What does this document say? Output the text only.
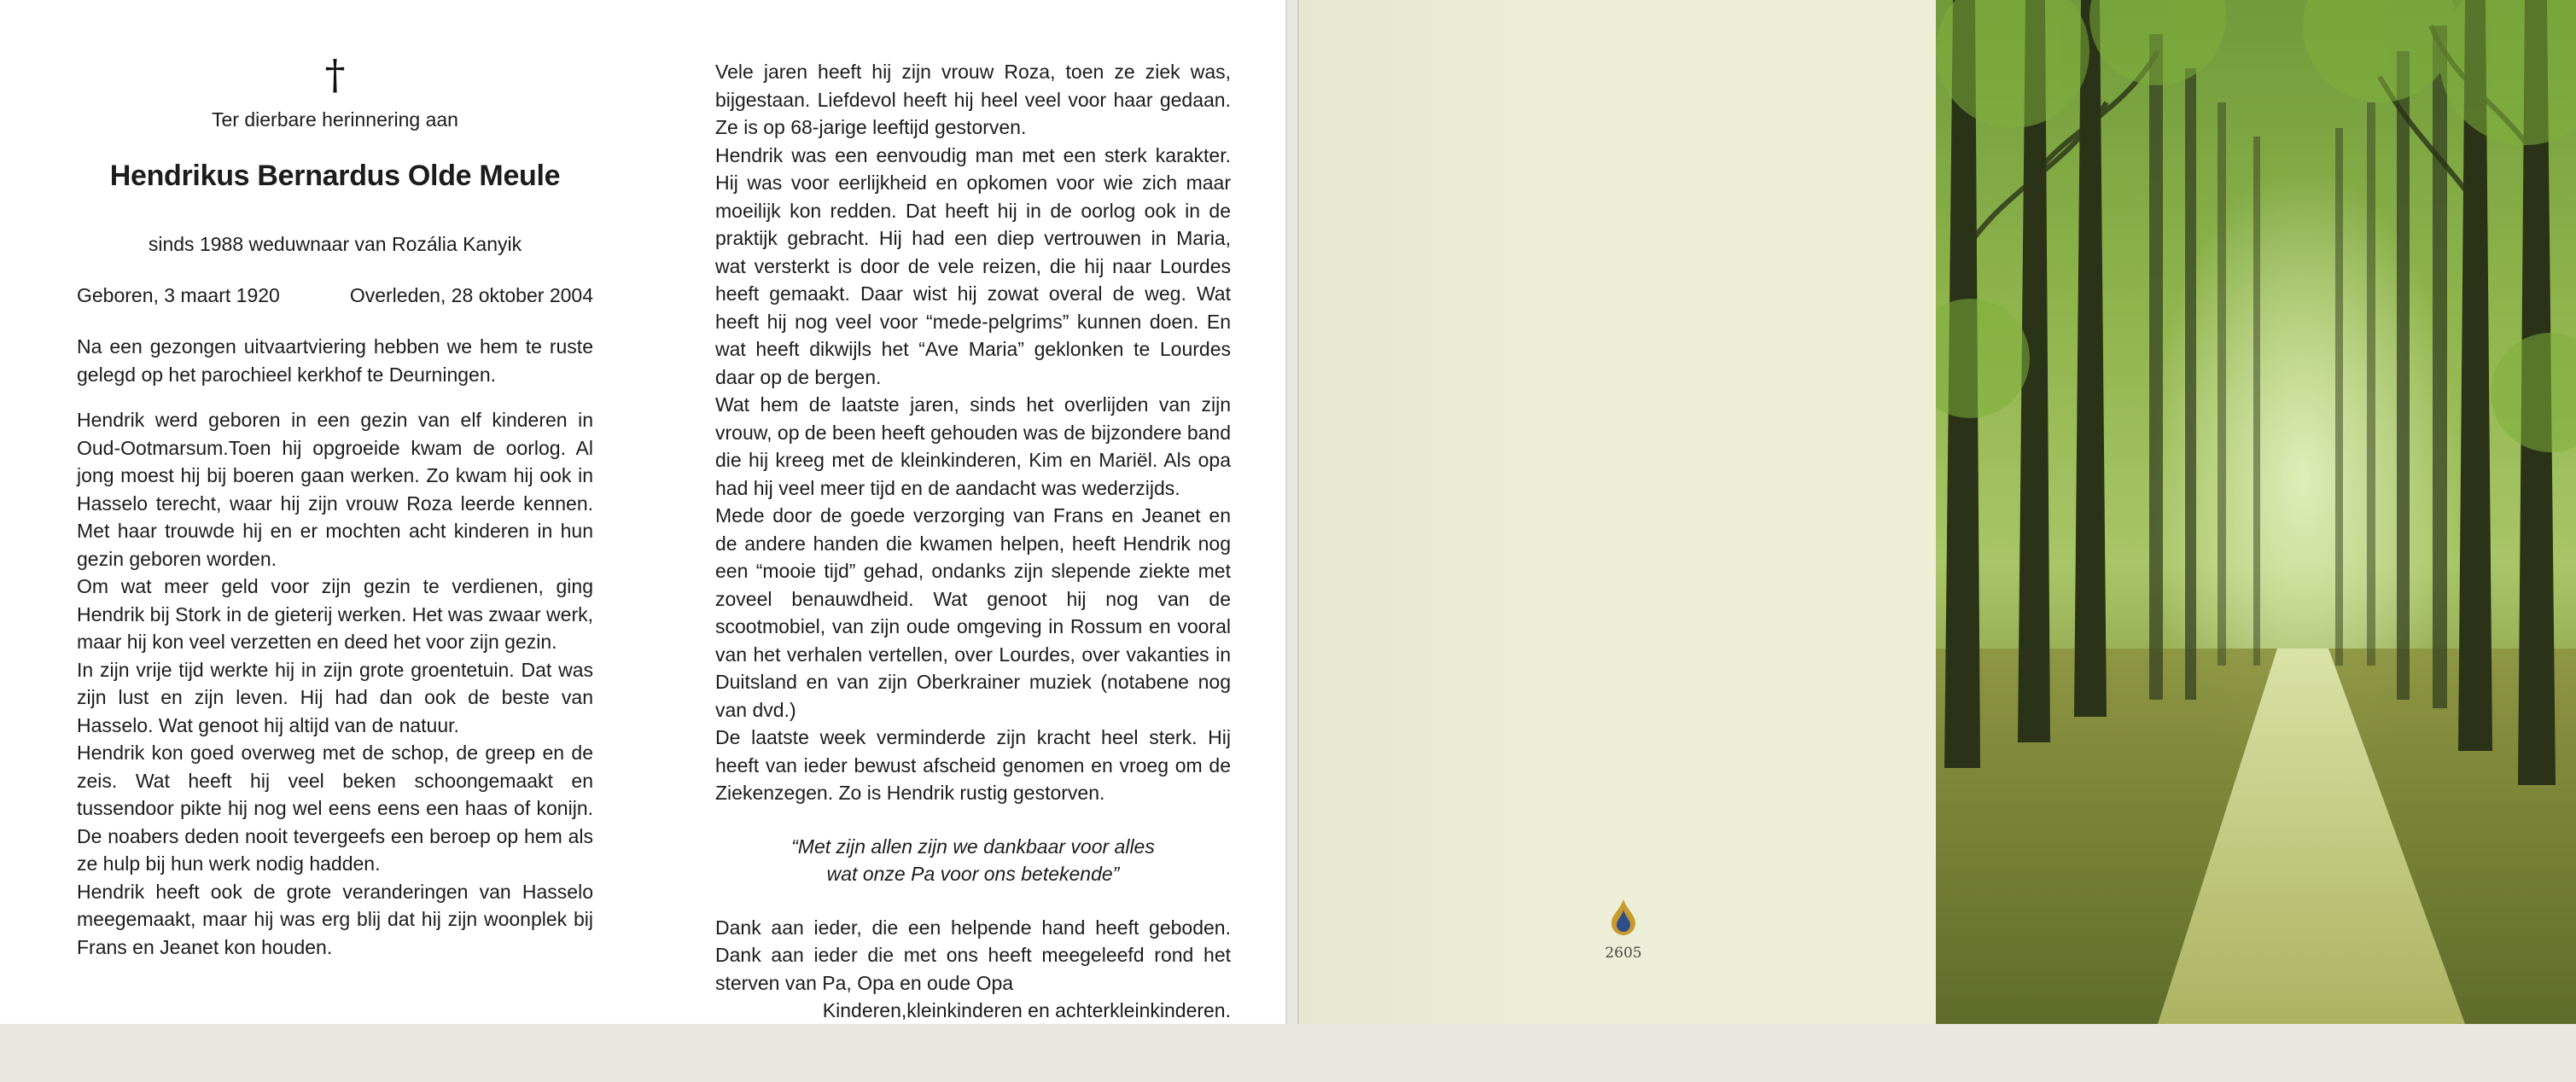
†
Ter dierbare herinnering aan
Hendrikus Bernardus Olde Meule
sinds 1988 weduwnaar van Rozália Kanyik
Geboren, 3 maart 1920	Overleden, 28 oktober 2004
Na een gezongen uitvaartviering hebben we hem te ruste gelegd op het parochieel kerkhof te Deurningen.
Hendrik werd geboren in een gezin van elf kinderen in Oud-Ootmarsum.Toen hij opgroeide kwam de oorlog. Al jong moest hij bij boeren gaan werken. Zo kwam hij ook in Hasselo terecht, waar hij zijn vrouw Roza leerde kennen. Met haar trouwde hij en er mochten acht kinderen in hun gezin geboren worden.
Om wat meer geld voor zijn gezin te verdienen, ging Hendrik bij Stork in de gieterij werken. Het was zwaar werk, maar hij kon veel verzetten en deed het voor zijn gezin.
In zijn vrije tijd werkte hij in zijn grote groentetuin. Dat was zijn lust en zijn leven. Hij had dan ook de beste van Hasselo. Wat genoot hij altijd van de natuur.
Hendrik kon goed overweg met de schop, de greep en de zeis. Wat heeft hij veel beken schoongemaakt en tussendoor pikte hij nog wel eens eens een haas of konijn. De noabers deden nooit tevergeefs een beroep op hem als ze hulp bij hun werk nodig hadden.
Hendrik heeft ook de grote veranderingen van Hasselo meegemaakt, maar hij was erg blij dat hij zijn woonplek bij Frans en Jeanet kon houden.
Vele jaren heeft hij zijn vrouw Roza, toen ze ziek was, bijgestaan. Liefdevol heeft hij heel veel voor haar gedaan. Ze is op 68-jarige leeftijd gestorven.
Hendrik was een eenvoudig man met een sterk karakter. Hij was voor eerlijkheid en opkomen voor wie zich maar moeilijk kon redden. Dat heeft hij in de oorlog ook in de praktijk gebracht. Hij had een diep vertrouwen in Maria, wat versterkt is door de vele reizen, die hij naar Lourdes heeft gemaakt. Daar wist hij zowat overal de weg. Wat heeft hij nog veel voor “mede-pelgrims” kunnen doen. En wat heeft dikwijls het “Ave Maria” geklonken te Lourdes daar op de bergen.
Wat hem de laatste jaren, sinds het overlijden van zijn vrouw, op de been heeft gehouden was de bijzondere band die hij kreeg met de kleinkinderen, Kim en Mariël. Als opa had hij veel meer tijd en de aandacht was wederzijds.
Mede door de goede verzorging van Frans en Jeanet en de andere handen die kwamen helpen, heeft Hendrik nog een “mooie tijd” gehad, ondanks zijn slepende ziekte met zoveel benauwdheid. Wat genoot hij nog van de scootmobiel, van zijn oude omgeving in Rossum en vooral van het verhalen vertellen, over Lourdes, over vakanties in Duitsland en van zijn Oberkrainer muziek (notabene nog van dvd.)
De laatste week verminderde zijn kracht heel sterk. Hij heeft van ieder bewust afscheid genomen en vroeg om de Ziekenzegen. Zo is Hendrik rustig gestorven.
“Met zijn allen zijn we dankbaar voor alles
wat onze Pa voor ons betekende”
Dank aan ieder, die een helpende hand heeft geboden. Dank aan ieder die met ons heeft meegeleefd rond het sterven van Pa, Opa en oude Opa
Kinderen,kleinkinderen en achterkleinkinderen.
2605
